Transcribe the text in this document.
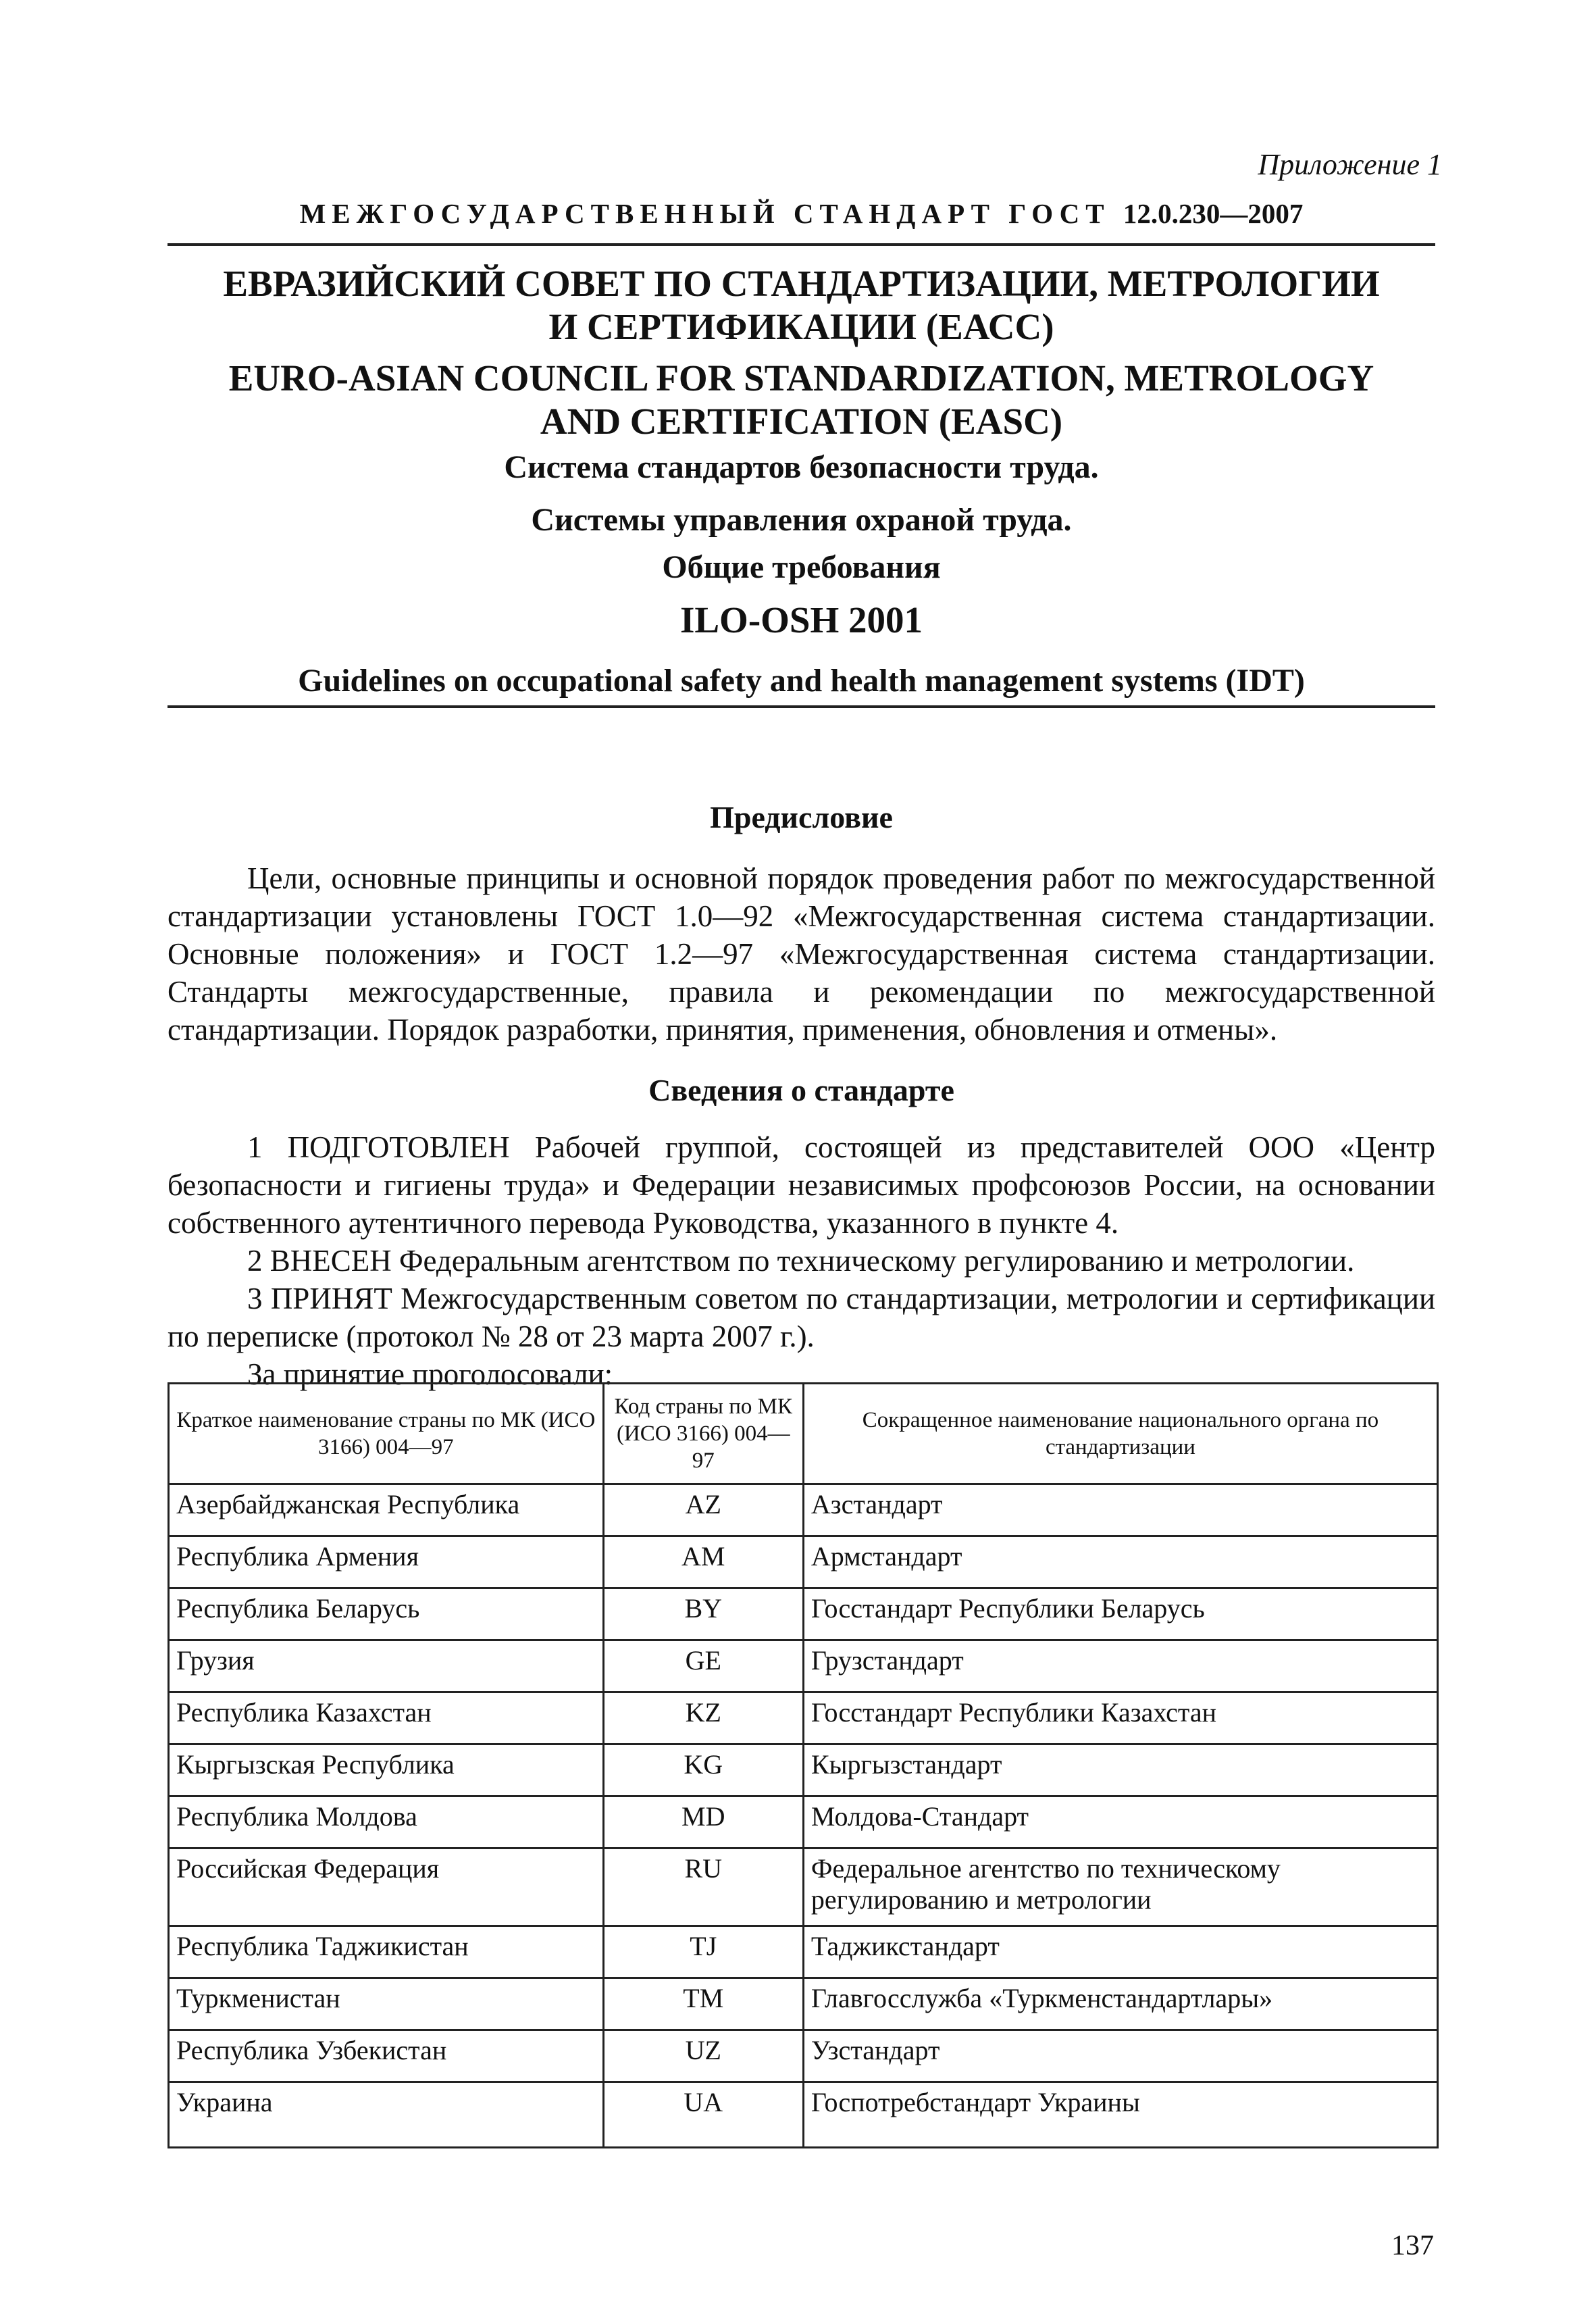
Приложение 1
МЕЖГОСУДАРСТВЕННЫЙ СТАНДАРТ ГОСТ 12.0.230—2007
ЕВРАЗИЙСКИЙ СОВЕТ ПО СТАНДАРТИЗАЦИИ, МЕТРОЛОГИИ
И СЕРТИФИКАЦИИ (ЕАСС)
EURO-ASIAN COUNCIL FOR STANDARDIZATION, METROLOGY
AND CERTIFICATION (EASC)
Система стандартов безопасности труда.
Системы управления охраной труда.
Общие требования
ILO-OSH 2001
Guidelines on occupational safety and health management systems (IDT)
Предисловие

Цели, основные принципы и основной порядок проведения работ по межгосударственной стандартизации установлены ГОСТ 1.0—92 «Межгосударственная система стандартизации. Основные положения» и ГОСТ 1.2—97 «Межгосударственная система стандартизации. Стандарты межгосударственные, правила и рекомендации по межгосударственной стандартизации. Порядок разработки, принятия, применения, обновления и отмены».

Сведения о стандарте

1 ПОДГОТОВЛЕН Рабочей группой, состоящей из представителей ООО «Центр безопасности и гигиены труда» и Федерации независимых профсоюзов России, на основании собственного аутентичного перевода Руководства, указанного в пункте 4.

2 ВНЕСЕН Федеральным агентством по техническому регулированию и метрологии.

3 ПРИНЯТ Межгосударственным советом по стандартизации, метрологии и сертификации по переписке (протокол № 28 от 23 марта 2007 г.).

За принятие проголосовали:

Краткое наименование страны по МК (ИСО 3166) 004—97	Код страны по МК (ИСО 3166) 004—97	Сокращенное наименование национального органа по стандартизации
Азербайджанская Республика	AZ	Азстандарт
Республика Армения	AM	Армстандарт
Республика Беларусь	BY	Госстандарт Республики Беларусь
Грузия	GE	Грузстандарт
Республика Казахстан	KZ	Госстандарт Республики Казахстан
Кыргызская Республика	KG	Кыргызстандарт
Республика Молдова	MD	Молдова-Стандарт
Российская Федерация	RU	Федеральное агентство по техническому регулированию и метрологии
Республика Таджикистан	TJ	Таджикстандарт
Туркменистан	TM	Главгосслужба «Туркменстандартлары»
Республика Узбекистан	UZ	Узстандарт
Украина	UA	Госпотребстандарт Украины
137
